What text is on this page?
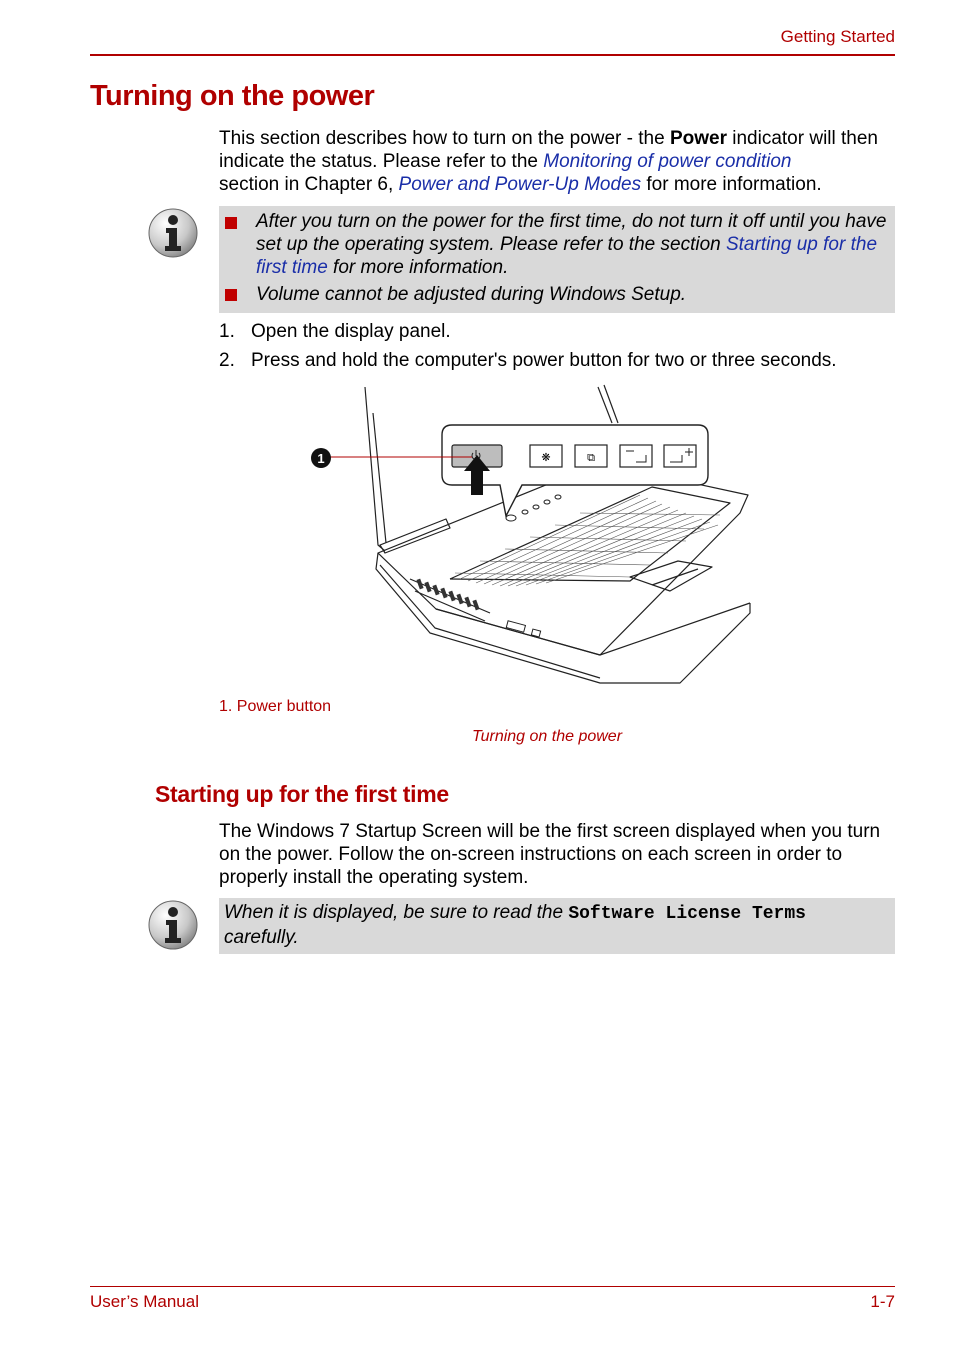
Getting Started
Turning on the power
This section describes how to turn on the power - the Power indicator will then indicate the status. Please refer to the Monitoring of power condition
section in Chapter 6, Power and Power-Up Modes for more information.
After you turn on the power for the first time, do not turn it off until you have set up the operating system. Please refer to the section Starting up for the first time for more information.
Volume cannot be adjusted during Windows Setup.
1. Open the display panel.
2. Press and hold the computer's power button for two or three seconds.
❋	⧉
1
1. Power button
Turning on the power
Starting up for the first time
The Windows 7 Startup Screen will be the first screen displayed when you turn on the power. Follow the on-screen instructions on each screen in order to properly install the operating system.
When it is displayed, be sure to read the Software License Terms
carefully.
User’s Manual	1-7
